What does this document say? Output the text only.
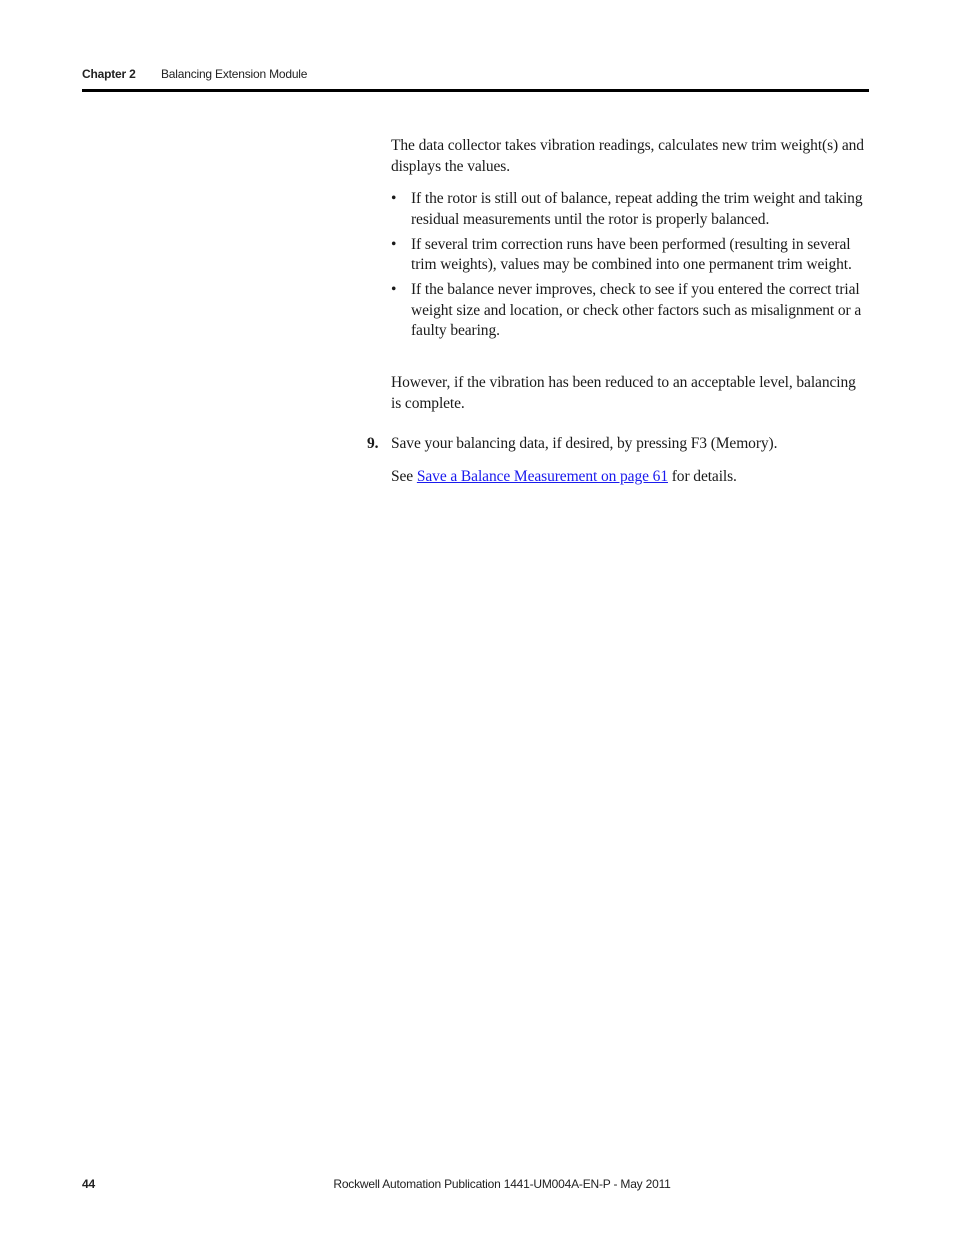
Chapter 2 Balancing Extension Module

The data collector takes vibration readings, calculates new trim weight(s) and displays the values.

• If the rotor is still out of balance, repeat adding the trim weight and taking residual measurements until the rotor is properly balanced.
• If several trim correction runs have been performed (resulting in several trim weights), values may be combined into one permanent trim weight.
• If the balance never improves, check to see if you entered the correct trial weight size and location, or check other factors such as misalignment or a faulty bearing.

However, if the vibration has been reduced to an acceptable level, balancing is complete.

9. Save your balancing data, if desired, by pressing F3 (Memory).

See Save a Balance Measurement on page 61 for details.

44	Rockwell Automation Publication 1441-UM004A-EN-P - May 2011
